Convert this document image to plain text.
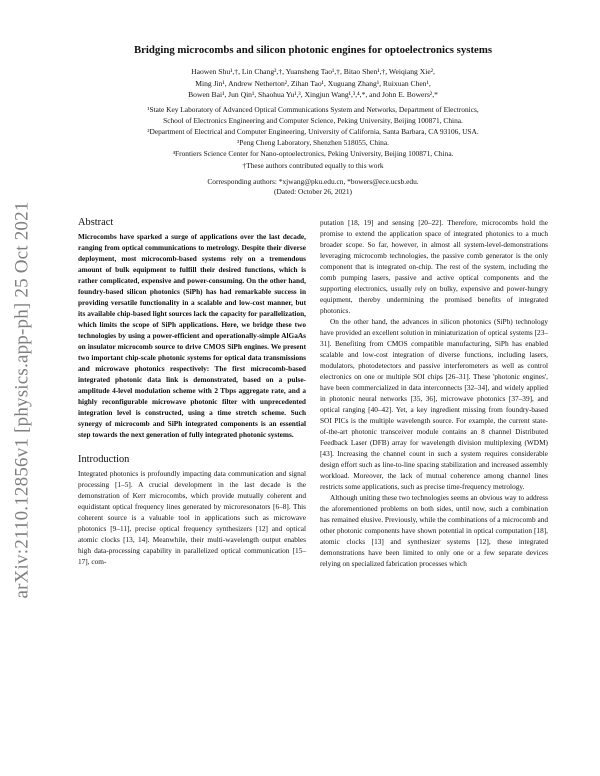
arXiv:2110.12856v1 [physics.app-ph] 25 Oct 2021
Bridging microcombs and silicon photonic engines for optoelectronics systems
Haowen Shu¹,†, Lin Chang²,†, Yuansheng Tao¹,†, Bitao Shen¹,†, Weiqiang Xie²,
Ming Jin¹, Andrew Netherton², Zihan Tao¹, Xuguang Zhang¹, Ruixuan Chen¹,
Bowen Bai¹, Jun Qin¹, Shaohua Yu¹,³, Xingjun Wang¹,³,⁴,*, and John E. Bowers²,*
¹State Key Laboratory of Advanced Optical Communications System and Networks, Department of Electronics,
School of Electronics Engineering and Computer Science, Peking University, Beijing 100871, China.
²Department of Electrical and Computer Engineering, University of California, Santa Barbara, CA 93106, USA.
³Peng Cheng Laboratory, Shenzhen 518055, China.
⁴Frontiers Science Center for Nano-optoelectronics, Peking University, Beijing 100871, China.
†These authors contributed equally to this work
Corresponding authors: *xjwang@pku.edu.cn, *bowers@ece.ucsb.edu.
(Dated: October 26, 2021)
Abstract

Microcombs have sparked a surge of applications over the last decade, ranging from optical communications to metrology. Despite their diverse deployment, most microcomb-based systems rely on a tremendous amount of bulk equipment to fulfill their desired functions, which is rather complicated, expensive and power-consuming. On the other hand, foundry-based silicon photonics (SiPh) has had remarkable success in providing versatile functionality in a scalable and low-cost manner, but its available chip-based light sources lack the capacity for parallelization, which limits the scope of SiPh applications. Here, we bridge these two technologies by using a power-efficient and operationally-simple AlGaAs on insulator microcomb source to drive CMOS SiPh engines. We present two important chip-scale photonic systems for optical data transmissions and microwave photonics respectively: The first microcomb-based integrated photonic data link is demonstrated, based on a pulse-amplitude 4-level modulation scheme with 2 Tbps aggregate rate, and a highly reconfigurable microwave photonic filter with unprecedented integration level is constructed, using a time stretch scheme. Such synergy of microcomb and SiPh integrated components is an essential step towards the next generation of fully integrated photonic systems.

Introduction

Integrated photonics is profoundly impacting data communication and signal processing [1–5]. A crucial development in the last decade is the demonstration of Kerr microcombs, which provide mutually coherent and equidistant optical frequency lines generated by microresonators [6–8]. This coherent source is a valuable tool in applications such as microwave photonics [9–11], precise optical frequency synthesizers [12] and optical atomic clocks [13, 14]. Meanwhile, their multi-wavelength output enables high data-processing capability in parallelized optical communication [15–17], com-

putation [18, 19] and sensing [20–22]. Therefore, microcombs hold the promise to extend the application space of integrated photonics to a much broader scope. So far, however, in almost all system-level-demonstrations leveraging microcomb technologies, the passive comb generator is the only component that is integrated on-chip. The rest of the system, including the comb pumping lasers, passive and active optical components and the supporting electronics, usually rely on bulky, expensive and power-hungry equipment, thereby undermining the promised benefits of integrated photonics.

On the other hand, the advances in silicon photonics (SiPh) technology have provided an excellent solution in miniaturization of optical systems [23–31]. Benefiting from CMOS compatible manufacturing, SiPh has enabled scalable and low-cost integration of diverse functions, including lasers, modulators, photodetectors and passive interferometers as well as control electronics on one or multiple SOI chips [26–31]. These 'photonic engines', have been commercialized in data interconnects [32–34], and widely applied in photonic neural networks [35, 36], microwave photonics [37–39], and optical ranging [40–42]. Yet, a key ingredient missing from foundry-based SOI PICs is the multiple wavelength source. For example, the current state-of-the-art photonic transceiver module contains an 8 channel Distributed Feedback Laser (DFB) array for wavelength division multiplexing (WDM) [43]. Increasing the channel count in such a system requires considerable design effort such as line-to-line spacing stabilization and increased assembly workload. Moreover, the lack of mutual coherence among channel lines restricts some applications, such as precise time-frequency metrology.

Although uniting these two technologies seems an obvious way to address the aforementioned problems on both sides, until now, such a combination has remained elusive. Previously, while the combinations of a microcomb and other photonic components have shown potential in optical computation [18], atomic clocks [13] and synthesizer systems [12], these integrated demonstrations have been limited to only one or a few separate devices relying on specialized fabrication processes which
